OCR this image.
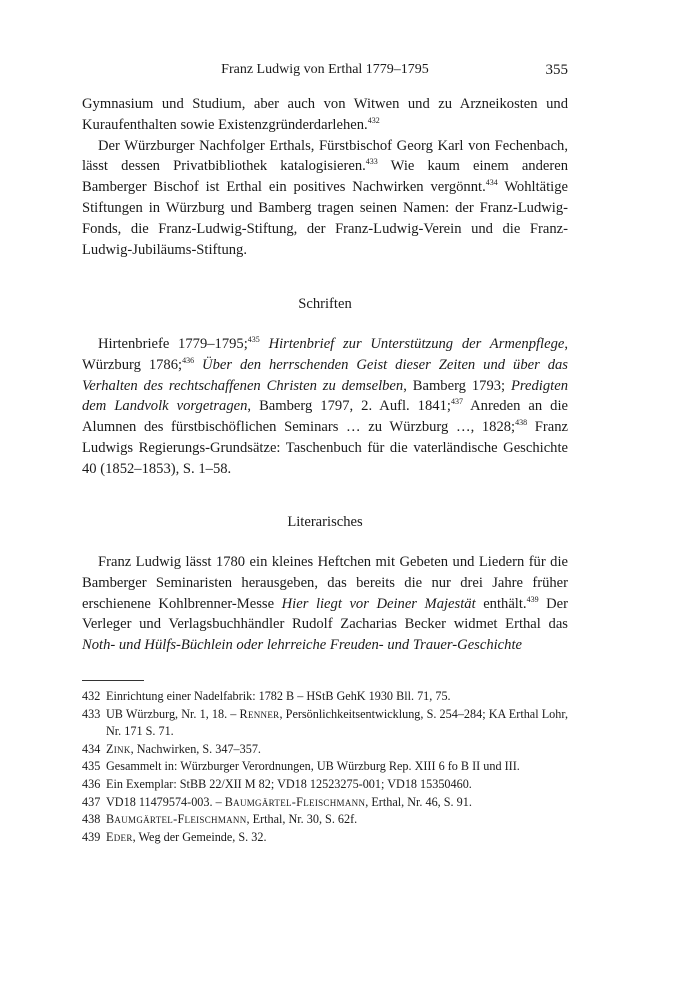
Franz Ludwig von Erthal 1779–1795	355

Gymnasium und Studium, aber auch von Witwen und zu Arzneikosten und Kuraufenthalten sowie Existenzgründerdarlehen.$^{432}$

Der Würzburger Nachfolger Erthals, Fürstbischof Georg Karl von Fechenbach, lässt dessen Privatbibliothek katalogisieren.$^{433}$ Wie kaum einem anderen Bamberger Bischof ist Erthal ein positives Nachwirken vergönnt.$^{434}$ Wohltätige Stiftungen in Würzburg und Bamberg tragen seinen Namen: der Franz-Ludwig-Fonds, die Franz-Ludwig-Stiftung, der Franz-Ludwig-Verein und die Franz-Ludwig-Jubiläums-Stiftung.

Schriften

Hirtenbriefe 1779–1795;$^{435}$ Hirtenbrief zur Unterstützung der Armenpflege, Würzburg 1786;$^{436}$ Über den herrschenden Geist dieser Zeiten und über das Verhalten des rechtschaffenen Christen zu demselben, Bamberg 1793; Predigten dem Landvolk vorgetragen, Bamberg 1797, 2. Aufl. 1841;$^{437}$ Anreden an die Alumnen des fürstbischöflichen Seminars … zu Würzburg …, 1828;$^{438}$ Franz Ludwigs Regierungs-Grundsätze: Taschenbuch für die vaterländische Geschichte 40 (1852–1853), S. 1–58.

Literarisches

Franz Ludwig lässt 1780 ein kleines Heftchen mit Gebeten und Liedern für die Bamberger Seminaristen herausgeben, das bereits die nur drei Jahre früher erschienene Kohlbrenner-Messe Hier liegt vor Deiner Majestät enthält.$^{439}$ Der Verleger und Verlagsbuchhändler Rudolf Zacharias Becker widmet Erthal das Noth- und Hülfs-Büchlein oder lehrreiche Freuden- und Trauer-Geschichte

432 Einrichtung einer Nadelfabrik: 1782 B – HStB GehK 1930 Bll. 71, 75.
433 UB Würzburg, Nr. 1, 18. – Renner, Persönlichkeitsentwicklung, S. 254–284; KA Erthal Lohr, Nr. 171 S. 71.
434 Zink, Nachwirken, S. 347–357.
435 Gesammelt in: Würzburger Verordnungen, UB Würzburg Rep. XIII 6 fo B II und III.
436 Ein Exemplar: StBB 22/XII M 82; VD18 12523275-001; VD18 15350460.
437 VD18 11479574-003. – Baumgärtel-Fleischmann, Erthal, Nr. 46, S. 91.
438 Baumgärtel-Fleischmann, Erthal, Nr. 30, S. 62f.
439 Eder, Weg der Gemeinde, S. 32.
